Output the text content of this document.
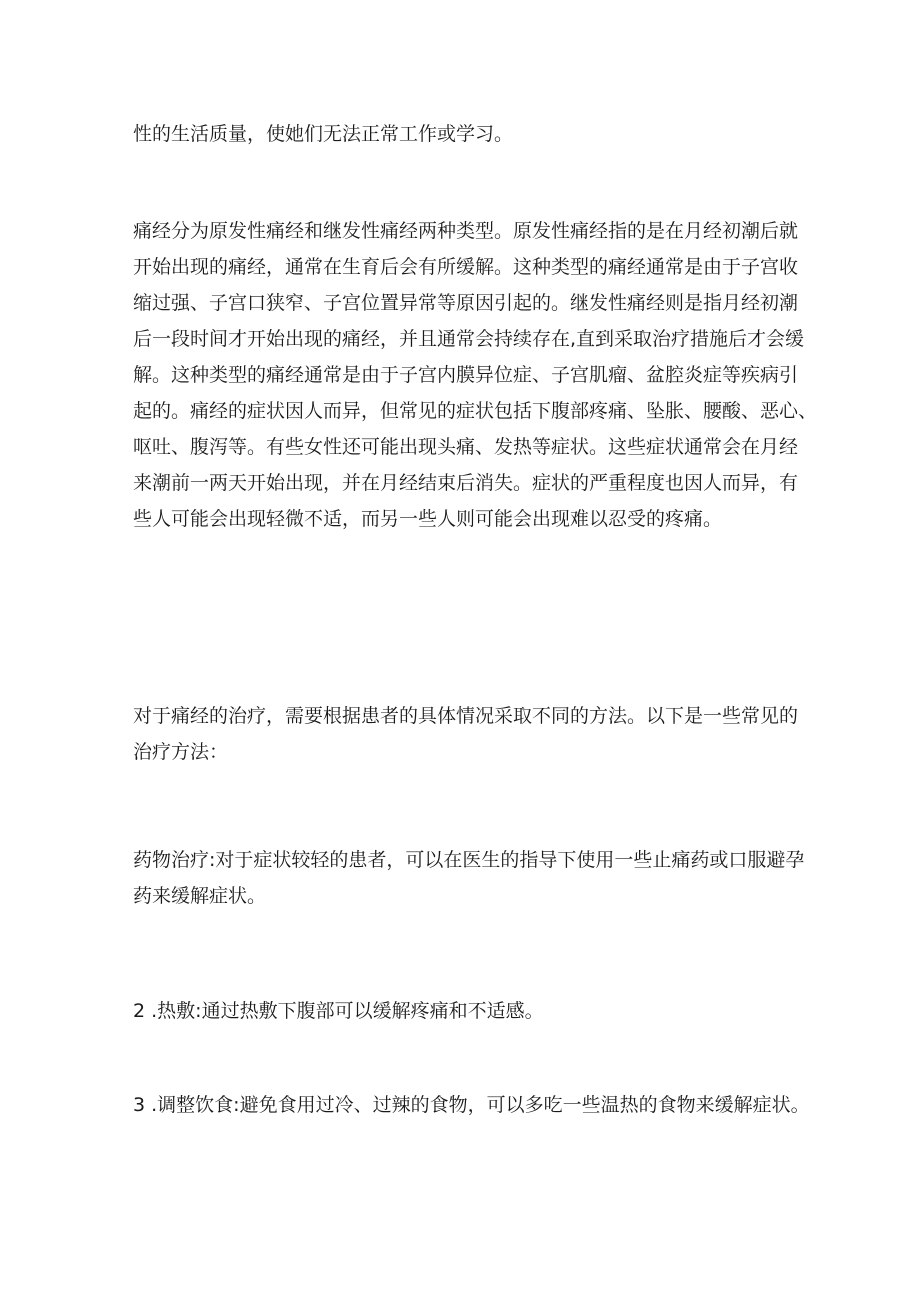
性的生活质量，使她们无法正常工作或学习。
痛经分为原发性痛经和继发性痛经两种类型。原发性痛经指的是在月经初潮后就
开始出现的痛经，通常在生育后会有所缓解。这种类型的痛经通常是由于子宫收
缩过强、子宫口狭窄、子宫位置异常等原因引起的。继发性痛经则是指月经初潮
后一段时间才开始出现的痛经，并且通常会持续存在,直到采取治疗措施后才会缓
解。这种类型的痛经通常是由于子宫内膜异位症、子宫肌瘤、盆腔炎症等疾病引
起的。痛经的症状因人而异，但常见的症状包括下腹部疼痛、坠胀、腰酸、恶心、
呕吐、腹泻等。有些女性还可能出现头痛、发热等症状。这些症状通常会在月经
来潮前一两天开始出现，并在月经结束后消失。症状的严重程度也因人而异，有
些人可能会出现轻微不适，而另一些人则可能会出现难以忍受的疼痛。
对于痛经的治疗，需要根据患者的具体情况采取不同的方法。以下是一些常见的
治疗方法：
药物治疗:对于症状较轻的患者，可以在医生的指导下使用一些止痛药或口服避孕
药来缓解症状。
2 .热敷:通过热敷下腹部可以缓解疼痛和不适感。
3 .调整饮食:避免食用过冷、过辣的食物，可以多吃一些温热的食物来缓解症状。
